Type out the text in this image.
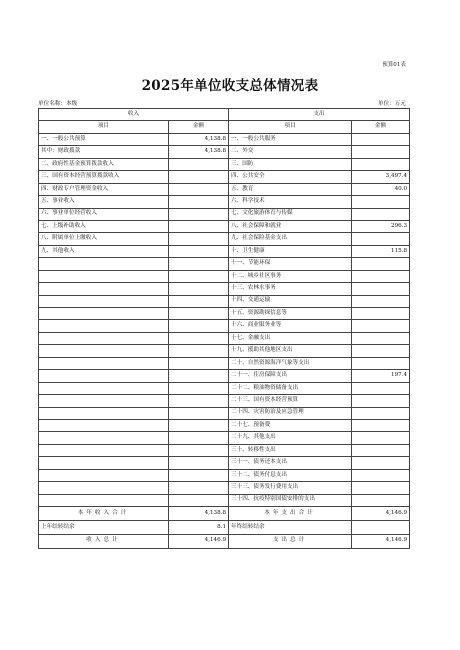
预算01表
2025年单位收支总体情况表
单位名称：本级	单位：万元
收入		支出	
项目	金额	项目	金额
一、一般公共预算	4,138.8	一、一般公共服务	
其中：财政拨款	4,138.8	二、外交	
二、政府性基金预算拨款收入		三、国防	
三、国有资本经营预算拨款收入		四、公共安全	3,497.4
四、财政专户管理资金收入		五、教育	40.0
五、事业收入		六、科学技术	
六、事业单位经营收入		七、文化旅游体育与传媒	
七、上级补助收入		八、社会保障和就业	296.3
八、附属单位上缴收入		九、社会保险基金支出	
九、其他收入		十、卫生健康	115.8
		十一、节能环保	
		十二、城乡社区事务	
		十三、农林水事务	
		十四、交通运输	
		十五、资源勘探信息等	
		十六、商业服务业等	
		十七、金融支出	
		十九、援助其他地区支出	
		二十、自然资源海洋气象等支出	
		二十一、住房保障支出	197.4
		二十二、粮油物资储备支出	
		二十三、国有资本经营预算	
		二十四、灾害防治及应急管理	
		二十七、预备费	
		二十九、其他支出	
		三十、转移性支出	
		三十一、债务还本支出	
		三十二、债务付息支出	
		三十三、债务发行费用支出	
		三十四、抗疫特别国债安排的支出	
本年收入合计	4,138.8	本年支出合计	4,146.9
上年结转结余	8.1	年终结转结余	
收入总计	4,146.9	支出总计	4,146.9
